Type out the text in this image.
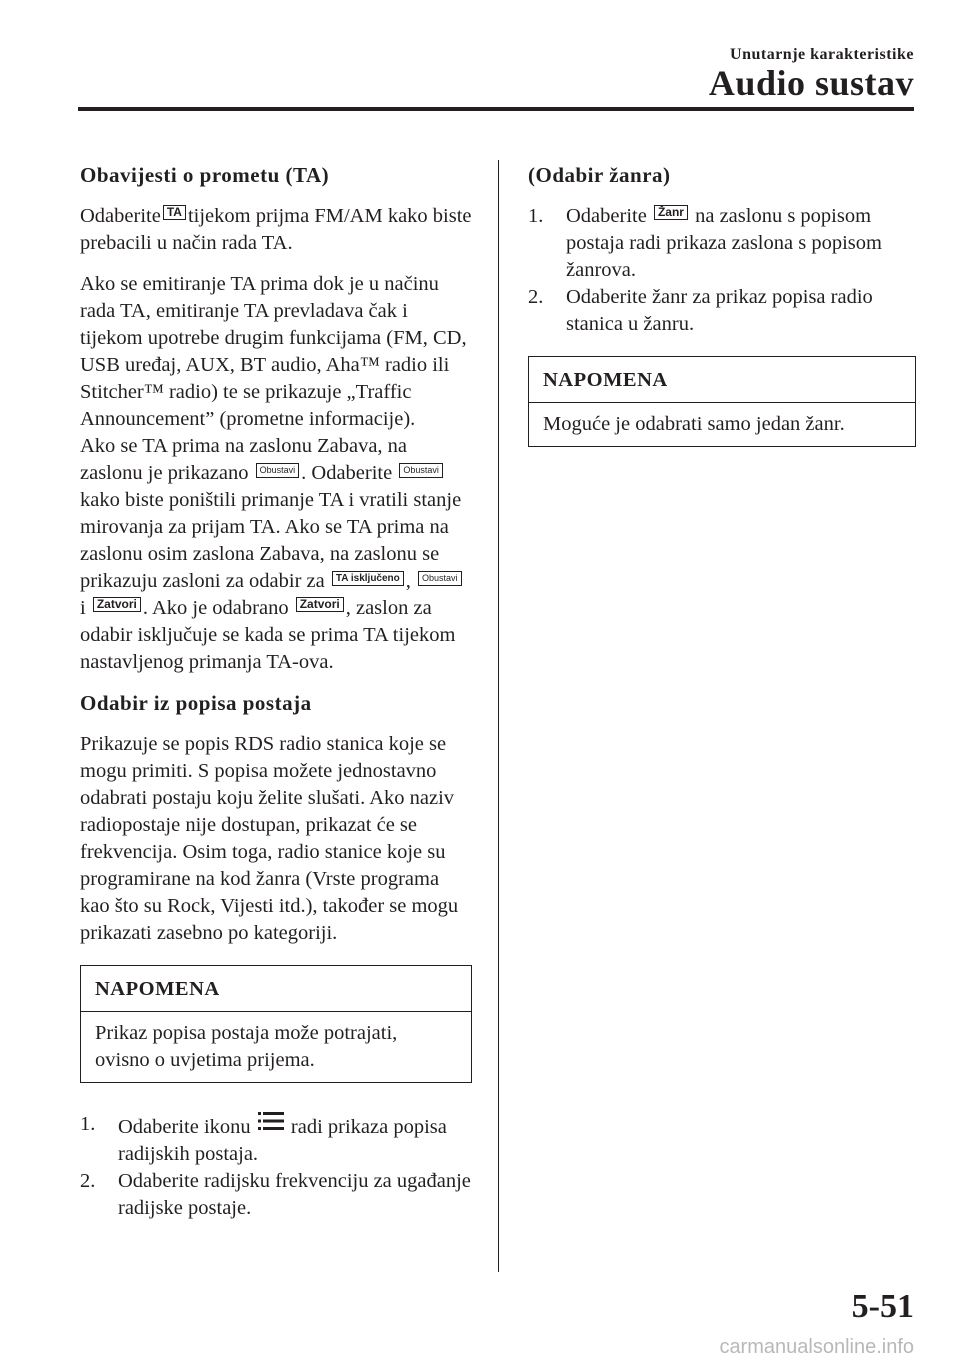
Unutarnje karakteristike
Audio sustav
Obavijesti o prometu (TA)

Odaberite TA tijekom prijma FM/AM kako biste prebacili u način rada TA.

Ako se emitiranje TA prima dok je u načinu rada TA, emitiranje TA prevladava čak i tijekom upotrebe drugim funkcijama (FM, CD, USB uređaj, AUX, BT audio, Aha™ radio ili Stitcher™ radio) te se prikazuje „Traffic Announcement” (prometne informacije).

Ako se TA prima na zaslonu Zabava, na zaslonu je prikazano Obustavi . Odaberite Obustavi kako biste poništili primanje TA i vratili stanje mirovanja za prijam TA. Ako se TA prima na zaslonu osim zaslona Zabava, na zaslonu se prikazuju zasloni za odabir za TA isključeno , Obustavi i Zatvori . Ako je odabrano Zatvori , zaslon za odabir isključuje se kada se prima TA tijekom nastavljenog primanja TA-ova.

Odabir iz popisa postaja

Prikazuje se popis RDS radio stanica koje se mogu primiti. S popisa možete jednostavno odabrati postaju koju želite slušati. Ako naziv radiopostaje nije dostupan, prikazat će se frekvencija. Osim toga, radio stanice koje su programirane na kod žanra (Vrste programa kao što su Rock, Vijesti itd.), također se mogu prikazati zasebno po kategoriji.

NAPOMENA
Prikaz popisa postaja može potrajati, ovisno o uvjetima prijema.
1. Odaberite ikonu radi prikaza popisa radijskih postaja.
2. Odaberite radijsku frekvenciju za ugađanje radijske postaje.
(Odabir žanra)
1. Odaberite Žanr na zaslonu s popisom postaja radi prikaza zaslona s popisom žanrova.
2. Odaberite žanr za prikaz popisa radio stanica u žanru.
NAPOMENA
Moguće je odabrati samo jedan žanr.
5-51
carmanualsonline.info
